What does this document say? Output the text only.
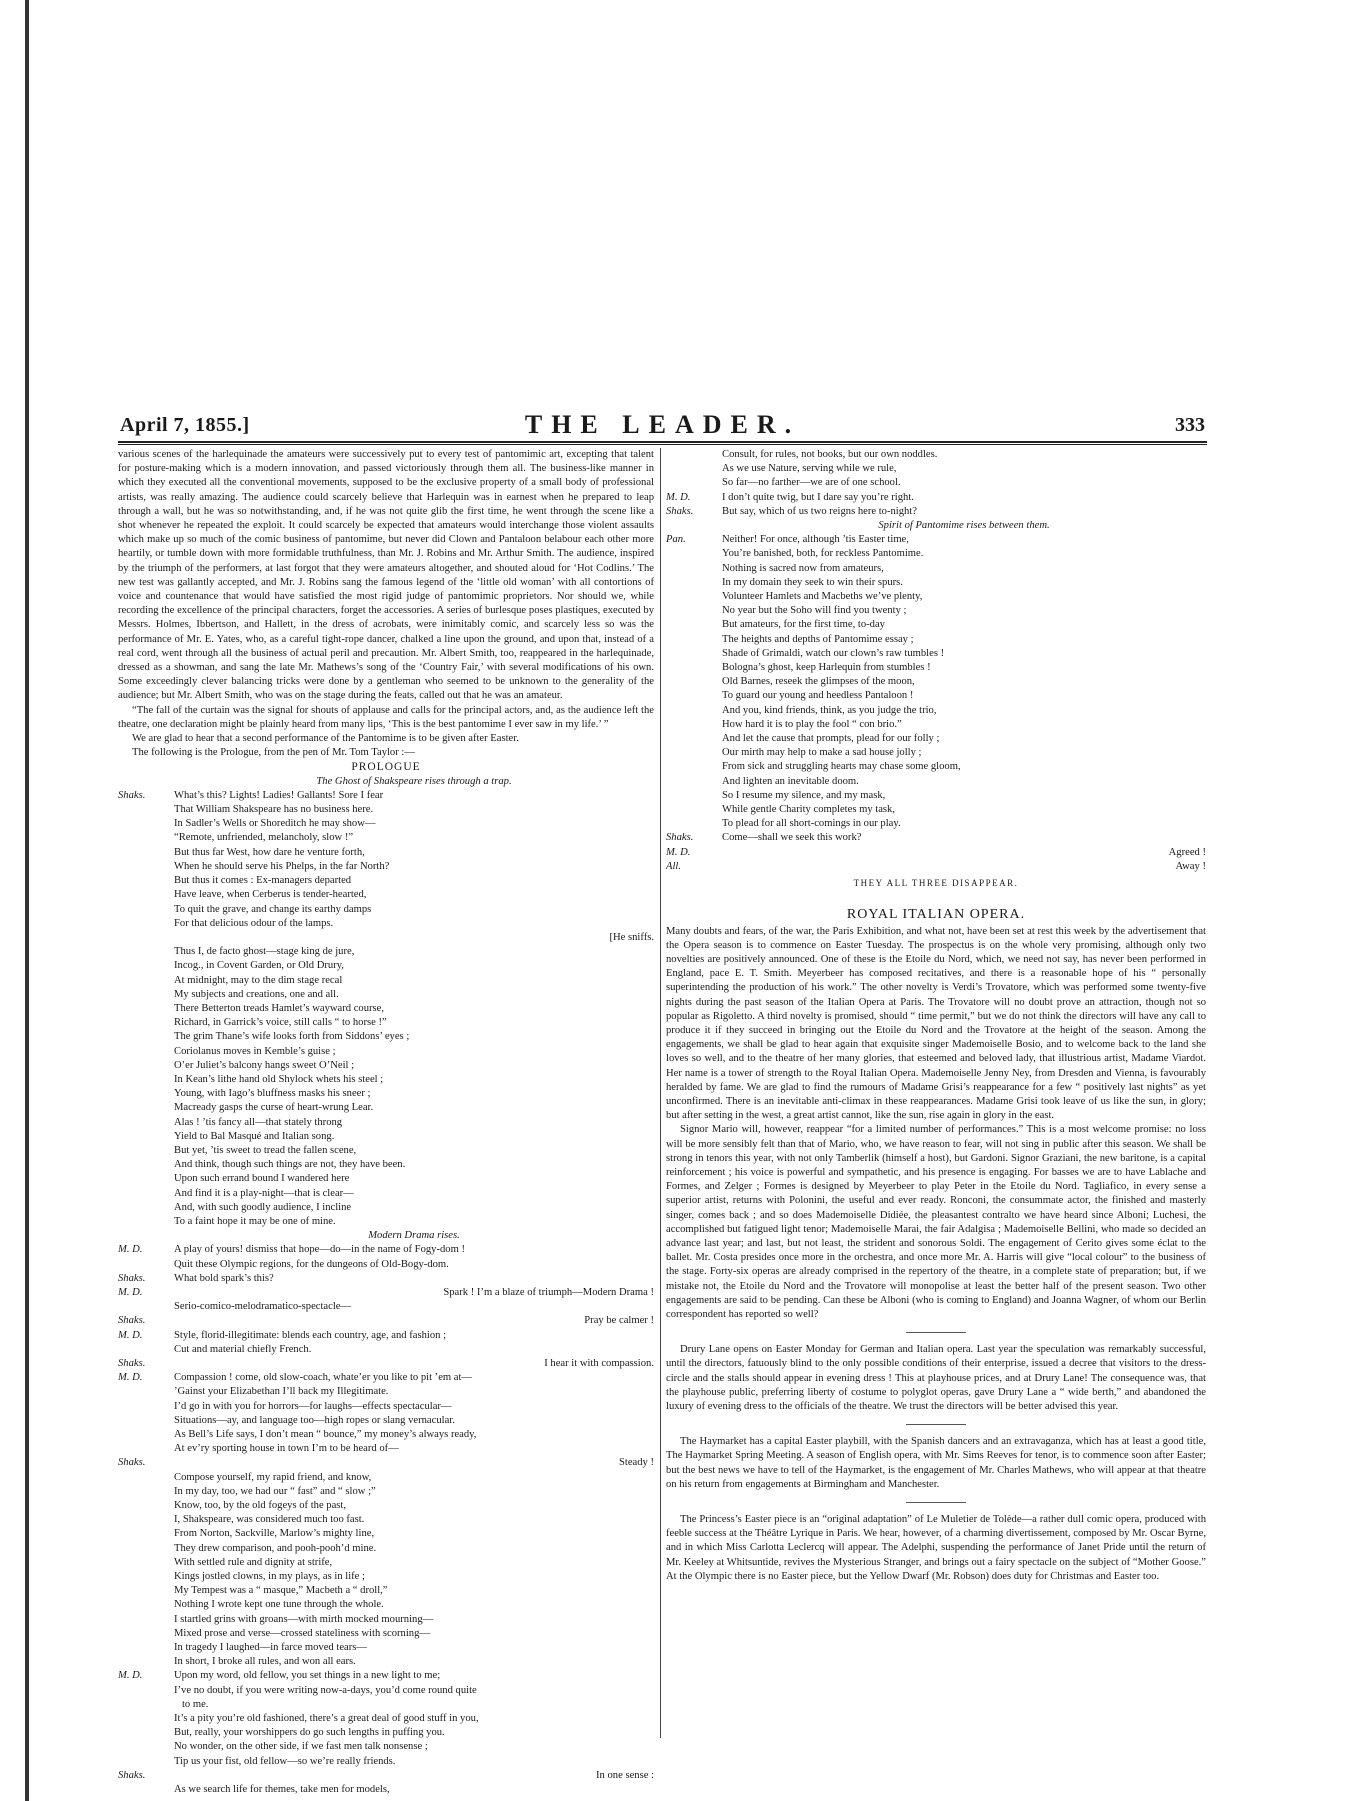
April 7, 1855.]	THE LEADER.	333

various scenes of the harlequinade the amateurs were successively put to every test of pantomimic art, excepting that talent for posture-making which is a modern innovation, and passed victoriously through them all. The business-like manner in which they executed all the conventional movements, supposed to be the exclusive property of a small body of professional artists, was really amazing. The audience could scarcely believe that Harlequin was in earnest when he prepared to leap through a wall, but he was so notwithstanding, and, if he was not quite glib the first time, he went through the scene like a shot whenever he repeated the exploit. It could scarcely be expected that amateurs would interchange those violent assaults which make up so much of the comic business of pantomime, but never did Clown and Pantaloon belabour each other more heartily, or tumble down with more formidable truthfulness, than Mr. J. Robins and Mr. Arthur Smith. The audience, inspired by the triumph of the performers, at last forgot that they were amateurs altogether, and shouted aloud for ‘Hot Codlins.’ The new test was gallantly accepted, and Mr. J. Robins sang the famous legend of the ‘little old woman’ with all contortions of voice and countenance that would have satisfied the most rigid judge of pantomimic proprietors. Nor should we, while recording the excellence of the principal characters, forget the accessories. A series of burlesque poses plastiques, executed by Messrs. Holmes, Ibbertson, and Hallett, in the dress of acrobats, were inimitably comic, and scarcely less so was the performance of Mr. E. Yates, who, as a careful tight-rope dancer, chalked a line upon the ground, and upon that, instead of a real cord, went through all the business of actual peril and precaution. Mr. Albert Smith, too, reappeared in the harlequinade, dressed as a showman, and sang the late Mr. Mathews’s song of the ‘Country Fair,’ with several modifications of his own. Some exceedingly clever balancing tricks were done by a gentleman who seemed to be unknown to the generality of the audience; but Mr. Albert Smith, who was on the stage during the feats, called out that he was an amateur.

“The fall of the curtain was the signal for shouts of applause and calls for the principal actors, and, as the audience left the theatre, one declaration might be plainly heard from many lips, ‘This is the best pantomime I ever saw in my life.’ ”

We are glad to hear that a second performance of the Pantomime is to be given after Easter.

The following is the Prologue, from the pen of Mr. Tom Taylor :—

PROLOGUE
The Ghost of Shakspeare rises through a trap.
Shaks.	What’s this? Lights! Ladies! Gallants! Sore I fear
That William Shakspeare has no business here.
In Sadler’s Wells or Shoreditch he may show—
“Remote, unfriended, melancholy, slow !”
But thus far West, how dare he venture forth,
When he should serve his Phelps, in the far North?
But thus it comes : Ex-managers departed
Have leave, when Cerberus is tender-hearted,
To quit the grave, and change its earthy damps
For that delicious odour of the lamps.
[He sniffs.
Thus I, de facto ghost—stage king de jure,
Incog., in Covent Garden, or Old Drury,
At midnight, may to the dim stage recal
My subjects and creations, one and all.
There Betterton treads Hamlet’s wayward course,
Richard, in Garrick’s voice, still calls “ to horse !”
The grim Thane’s wife looks forth from Siddons’ eyes ;
Coriolanus moves in Kemble’s guise ;
O’er Juliet’s balcony hangs sweet O’Neil ;
In Kean’s lithe hand old Shylock whets his steel ;
Young, with Iago’s bluffness masks his sneer ;
Macready gasps the curse of heart-wrung Lear.
Alas ! ’tis fancy all—that stately throng
Yield to Bal Masqué and Italian song.
But yet, ’tis sweet to tread the fallen scene,
And think, though such things are not, they have been.
Upon such errand bound I wandered here
And find it is a play-night—that is clear—
And, with such goodly audience, I incline
To a faint hope it may be one of mine.
Modern Drama rises.
M. D.	A play of yours! dismiss that hope—do—in the name of Fogy-dom !
Quit these Olympic regions, for the dungeons of Old-Bogy-dom.
Shaks.	What bold spark’s this?
M. D.	Spark ! I’m a blaze of triumph—Modern Drama !
Serio-comico-melodramatico-spectacle—
Shaks.	Pray be calmer !
M. D.	Style, florid-illegitimate: blends each country, age, and fashion ;
Cut and material chiefly French.
Shaks.	I hear it with compassion.
M. D.	Compassion ! come, old slow-coach, whate’er you like to pit ’em at—
’Gainst your Elizabethan I’ll back my Illegitimate.
I’d go in with you for horrors—for laughs—effects spectacular—
Situations—ay, and language too—high ropes or slang vernacular.
As Bell’s Life says, I don’t mean “ bounce,” my money’s always ready,
At ev’ry sporting house in town I’m to be heard of—
Shaks.	Steady !
Compose yourself, my rapid friend, and know,
In my day, too, we had our “ fast” and “ slow ;”
Know, too, by the old fogeys of the past,
I, Shakspeare, was considered much too fast.
From Norton, Sackville, Marlow’s mighty line,
They drew comparison, and pooh-pooh’d mine.
With settled rule and dignity at strife,
Kings jostled clowns, in my plays, as in life ;
My Tempest was a “ masque,” Macbeth a “ droll,”
Nothing I wrote kept one tune through the whole.
I startled grins with groans—with mirth mocked mourning—
Mixed prose and verse—crossed stateliness with scorning—
In tragedy I laughed—in farce moved tears—
In short, I broke all rules, and won all ears.
M. D.	Upon my word, old fellow, you set things in a new light to me;
I’ve no doubt, if you were writing now-a-days, you’d come round quite
to me.
It’s a pity you’re old fashioned, there’s a great deal of good stuff in you,
But, really, your worshippers do go such lengths in puffing you.
No wonder, on the other side, if we fast men talk nonsense ;
Tip us your fist, old fellow—so we’re really friends.
Shaks.	In one sense :
As we search life for themes, take men for models,
Consult, for rules, not books, but our own noddles.
As we use Nature, serving while we rule,
So far—no farther—we are of one school.
M. D.	I don’t quite twig, but I dare say you’re right.
Shaks.	But say, which of us two reigns here to-night?
Spirit of Pantomime rises between them.
Pan.	Neither! For once, although ’tis Easter time,
You’re banished, both, for reckless Pantomime.
Nothing is sacred now from amateurs,
In my domain they seek to win their spurs.
Volunteer Hamlets and Macbeths we’ve plenty,
No year but the Soho will find you twenty ;
But amateurs, for the first time, to-day
The heights and depths of Pantomime essay ;
Shade of Grimaldi, watch our clown’s raw tumbles !
Bologna’s ghost, keep Harlequin from stumbles !
Old Barnes, reseek the glimpses of the moon,
To guard our young and heedless Pantaloon !
And you, kind friends, think, as you judge the trio,
How hard it is to play the fool “ con brio.”
And let the cause that prompts, plead for our folly ;
Our mirth may help to make a sad house jolly ;
From sick and struggling hearts may chase some gloom,
And lighten an inevitable doom.
So I resume my silence, and my mask,
While gentle Charity completes my task,
To plead for all short-comings in our play.
Shaks.	Come—shall we seek this work?
M. D.	Agreed !
All.	Away !
THEY ALL THREE DISAPPEAR.
ROYAL ITALIAN OPERA.

Many doubts and fears, of the war, the Paris Exhibition, and what not, have been set at rest this week by the advertisement that the Opera season is to commence on Easter Tuesday. The prospectus is on the whole very promising, although only two novelties are positively announced. One of these is the Etoile du Nord, which, we need not say, has never been performed in England, pace E. T. Smith. Meyerbeer has composed recitatives, and there is a reasonable hope of his “ personally superintending the production of his work.” The other novelty is Verdi’s Trovatore, which was performed some twenty-five nights during the past season of the Italian Opera at Paris. The Trovatore will no doubt prove an attraction, though not so popular as Rigoletto. A third novelty is promised, should “ time permit,” but we do not think the directors will have any call to produce it if they succeed in bringing out the Etoile du Nord and the Trovatore at the height of the season. Among the engagements, we shall be glad to hear again that exquisite singer Mademoiselle Bosio, and to welcome back to the land she loves so well, and to the theatre of her many glories, that esteemed and beloved lady, that illustrious artist, Madame Viardot. Her name is a tower of strength to the Royal Italian Opera. Mademoiselle Jenny Ney, from Dresden and Vienna, is favourably heralded by fame. We are glad to find the rumours of Madame Grisi’s reappearance for a few “ positively last nights” as yet unconfirmed. There is an inevitable anti-climax in these reappearances. Madame Grisi took leave of us like the sun, in glory; but after setting in the west, a great artist cannot, like the sun, rise again in glory in the east.

Signor Mario will, however, reappear “for a limited number of performances.” This is a most welcome promise: no loss will be more sensibly felt than that of Mario, who, we have reason to fear, will not sing in public after this season. We shall be strong in tenors this year, with not only Tamberlik (himself a host), but Gardoni. Signor Graziani, the new baritone, is a capital reinforcement ; his voice is powerful and sympathetic, and his presence is engaging. For basses we are to have Lablache and Formes, and Zelger ; Formes is designed by Meyerbeer to play Peter in the Etoile du Nord. Tagliafico, in every sense a superior artist, returns with Polonini, the useful and ever ready. Ronconi, the consummate actor, the finished and masterly singer, comes back ; and so does Mademoiselle Didiée, the pleasantest contralto we have heard since Alboni; Luchesi, the accomplished but fatigued light tenor; Mademoiselle Marai, the fair Adalgisa ; Mademoiselle Bellini, who made so decided an advance last year; and last, but not least, the strident and sonorous Soldi. The engagement of Cerito gives some éclat to the ballet. Mr. Costa presides once more in the orchestra, and once more Mr. A. Harris will give “local colour” to the business of the stage. Forty-six operas are already comprised in the repertory of the theatre, in a complete state of preparation; but, if we mistake not, the Etoile du Nord and the Trovatore will monopolise at least the better half of the present season. Two other engagements are said to be pending. Can these be Alboni (who is coming to England) and Joanna Wagner, of whom our Berlin correspondent has reported so well?

Drury Lane opens on Easter Monday for German and Italian opera. Last year the speculation was remarkably successful, until the directors, fatuously blind to the only possible conditions of their enterprise, issued a decree that visitors to the dress-circle and the stalls should appear in evening dress ! This at playhouse prices, and at Drury Lane! The consequence was, that the playhouse public, preferring liberty of costume to polyglot operas, gave Drury Lane a “ wide berth,” and abandoned the luxury of evening dress to the officials of the theatre. We trust the directors will be better advised this year.

The Haymarket has a capital Easter playbill, with the Spanish dancers and an extravaganza, which has at least a good title, The Haymarket Spring Meeting. A season of English opera, with Mr. Sims Reeves for tenor, is to commence soon after Easter; but the best news we have to tell of the Haymarket, is the engagement of Mr. Charles Mathews, who will appear at that theatre on his return from engagements at Birmingham and Manchester.

The Princess’s Easter piece is an “original adaptation” of Le Muletier de Tolède—a rather dull comic opera, produced with feeble success at the Théâtre Lyrique in Paris. We hear, however, of a charming divertissement, composed by Mr. Oscar Byrne, and in which Miss Carlotta Leclercq will appear. The Adelphi, suspending the performance of Janet Pride until the return of Mr. Keeley at Whitsuntide, revives the Mysterious Stranger, and brings out a fairy spectacle on the subject of “Mother Goose.” At the Olympic there is no Easter piece, but the Yellow Dwarf (Mr. Robson) does duty for Christmas and Easter too.
